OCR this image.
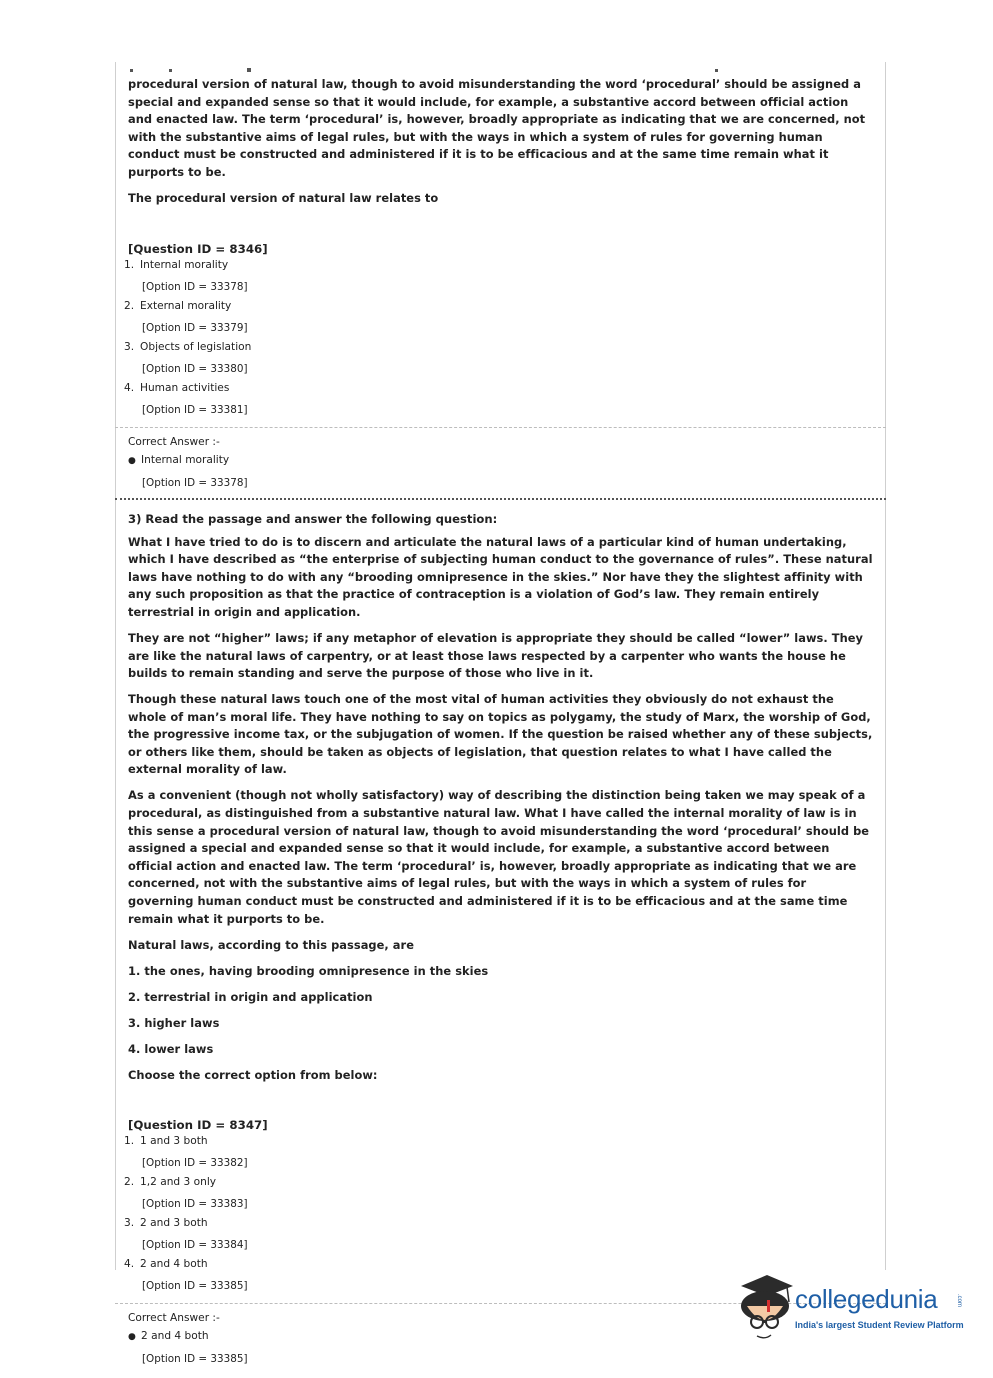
procedural version of natural law, though to avoid misunderstanding the word ‘procedural’ should be assigned a special and expanded sense so that it would include, for example, a substantive accord between official action and enacted law. The term ‘procedural’ is, however, broadly appropriate as indicating that we are concerned, not with the substantive aims of legal rules, but with the ways in which a system of rules for governing human conduct must be constructed and administered if it is to be efficacious and at the same time remain what it purports to be.

The procedural version of natural law relates to

[Question ID = 8346]
1. Internal morality
[Option ID = 33378]
2. External morality
[Option ID = 33379]
3. Objects of legislation
[Option ID = 33380]
4. Human activities
[Option ID = 33381]
Correct Answer :-
● Internal morality
[Option ID = 33378]
3) Read the passage and answer the following question:

What I have tried to do is to discern and articulate the natural laws of a particular kind of human undertaking, which I have described as “the enterprise of subjecting human conduct to the governance of rules”. These natural laws have nothing to do with any “brooding omnipresence in the skies.” Nor have they the slightest affinity with any such proposition as that the practice of contraception is a violation of God’s law. They remain entirely terrestrial in origin and application.

They are not “higher” laws; if any metaphor of elevation is appropriate they should be called “lower” laws. They are like the natural laws of carpentry, or at least those laws respected by a carpenter who wants the house he builds to remain standing and serve the purpose of those who live in it.

Though these natural laws touch one of the most vital of human activities they obviously do not exhaust the whole of man’s moral life. They have nothing to say on topics as polygamy, the study of Marx, the worship of God, the progressive income tax, or the subjugation of women. If the question be raised whether any of these subjects, or others like them, should be taken as objects of legislation, that question relates to what I have called the external morality of law.

As a convenient (though not wholly satisfactory) way of describing the distinction being taken we may speak of a procedural, as distinguished from a substantive natural law. What I have called the internal morality of law is in this sense a procedural version of natural law, though to avoid misunderstanding the word ‘procedural’ should be assigned a special and expanded sense so that it would include, for example, a substantive accord between official action and enacted law. The term ‘procedural’ is, however, broadly appropriate as indicating that we are concerned, not with the substantive aims of legal rules, but with the ways in which a system of rules for governing human conduct must be constructed and administered if it is to be efficacious and at the same time remain what it purports to be.

Natural laws, according to this passage, are

1. the ones, having brooding omnipresence in the skies

2. terrestrial in origin and application

3. higher laws

4. lower laws

Choose the correct option from below:

[Question ID = 8347]
1. 1 and 3 both
[Option ID = 33382]
2. 1,2 and 3 only
[Option ID = 33383]
3. 2 and 3 both
[Option ID = 33384]
4. 2 and 4 both
[Option ID = 33385]
Correct Answer :-
● 2 and 4 both
[Option ID = 33385]
collegedunia	.com
India's largest Student Review Platform
